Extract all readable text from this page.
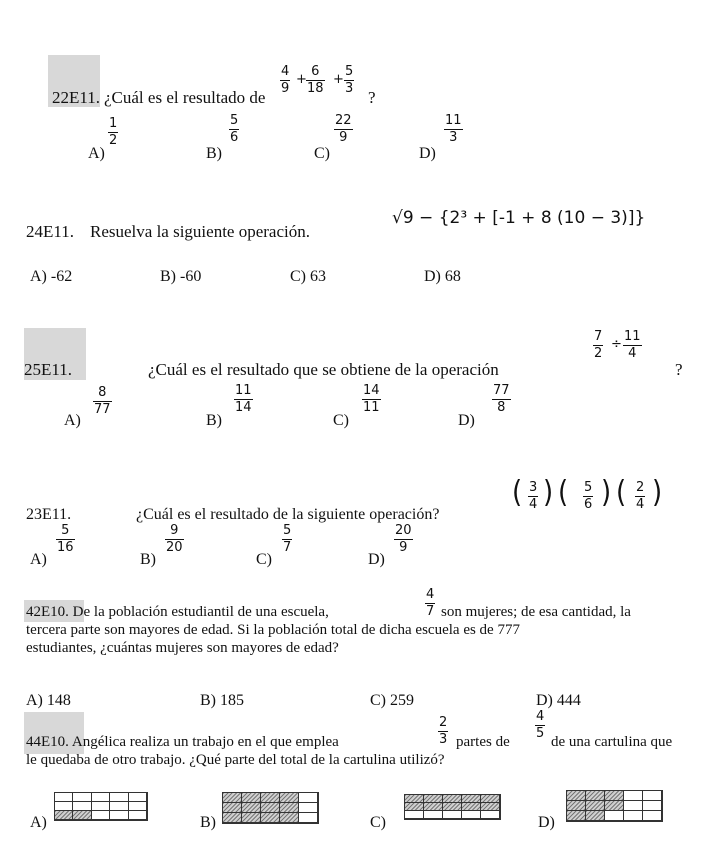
22E11. ¿Cuál es el resultado de
4
9
+
6
18
+
5
3 ?
A)
1
2
B)
5
6
C)
22
9
D)
11
3
24E11. Resuelva la siguiente operación.
√9 − {2³ + [-1 + 8 (10 − 3)]}
A) -62	B) -60	C) 63	D) 68
25E11.	¿Cuál es el resultado que se obtiene de la operación
7
2
÷
11
4
?
A)
8
77
B)
11
14
C)
14
11
D)
77
8
23E11.	¿Cuál es el resultado de la siguiente operación?
( 3
4 ) ( 5
6 ) ( 2
4 )
A)
5
16
B)
9
20
C)
5
7
D)
20
9
42E10. De la población estudiantil de una escuela,
4
7 son mujeres; de esa cantidad, la
tercera parte son mayores de edad. Si la población total de dicha escuela es de 777
estudiantes, ¿cuántas mujeres son mayores de edad?
A) 148	B) 185	C) 259	D) 444
44E10. Angélica realiza un trabajo en el que emplea
2
3 partes de
4
5
de una cartulina que
le quedaba de otro trabajo. ¿Qué parte del total de la cartulina utilizó?
A)	B)	C)	D)
